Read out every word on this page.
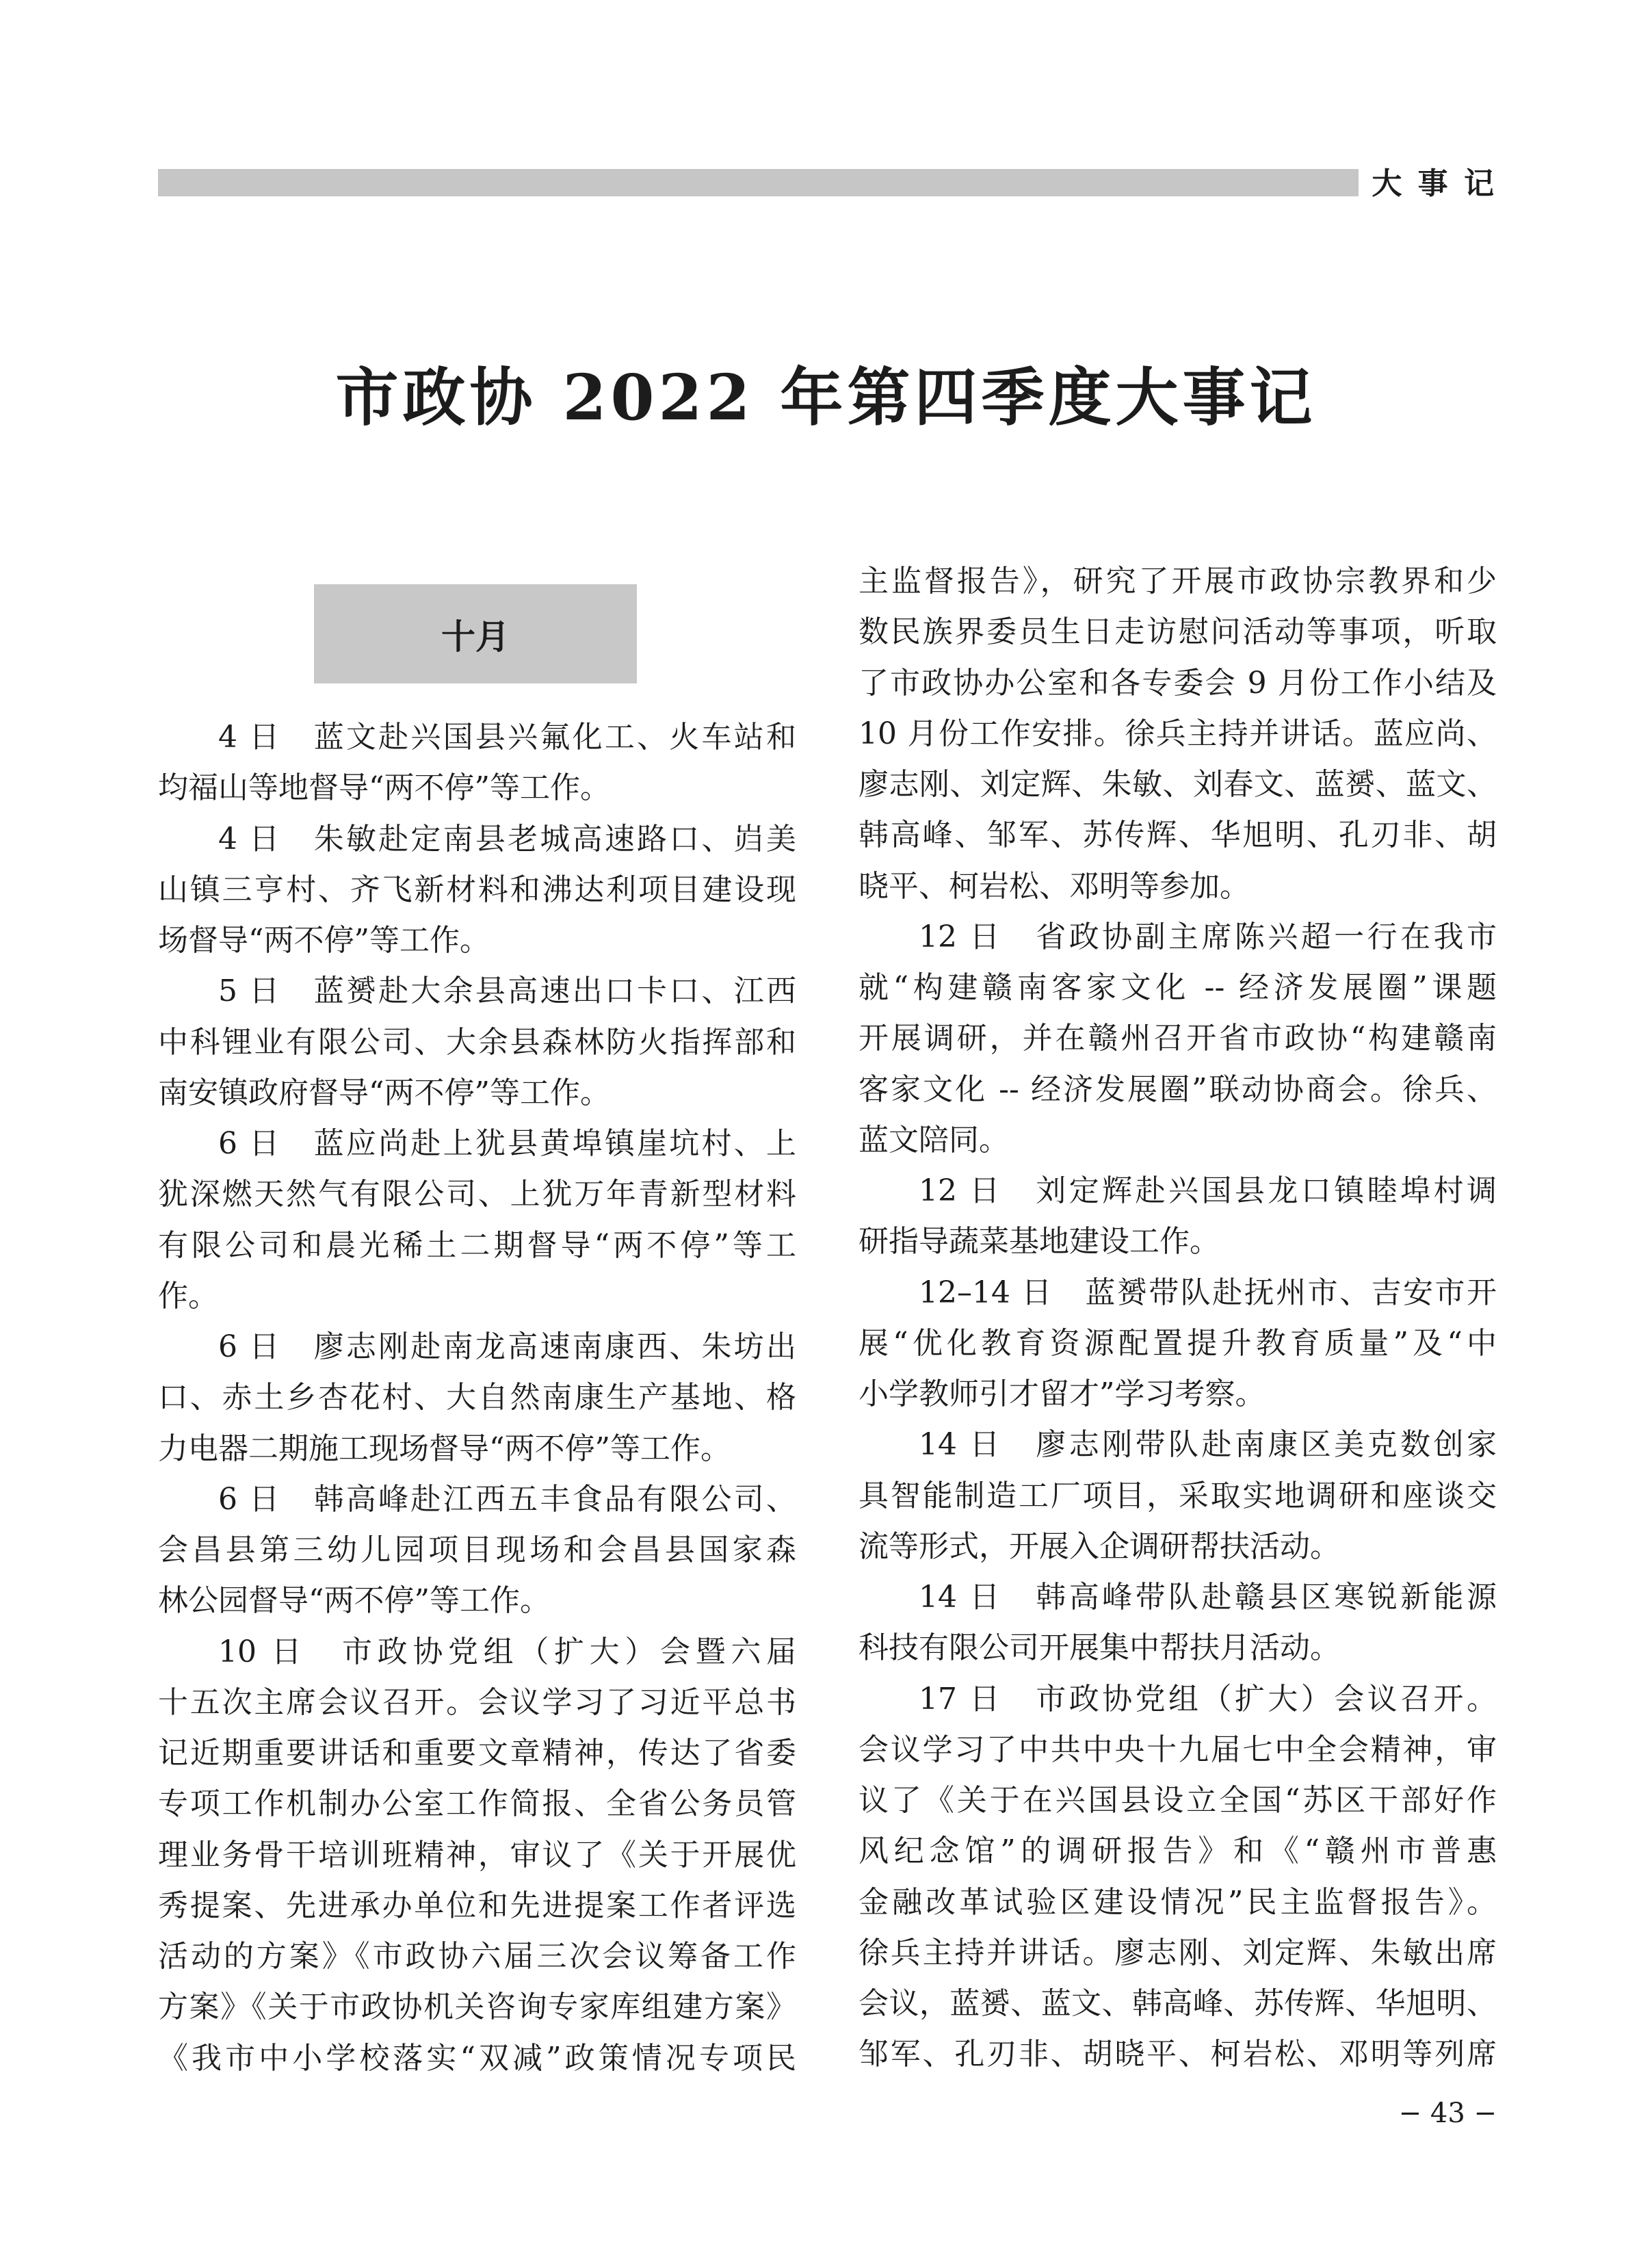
大 事 记
市政协 2022 年第四季度大事记
十月
4 日　蓝文赴兴国县兴氟化工、火车站和
均福山等地督导“两不停”等工作。
4 日　朱敏赴定南县老城高速路口、岿美
山镇三亨村、齐飞新材料和沸达利项目建设现
场督导“两不停”等工作。
5 日　蓝赟赴大余县高速出口卡口、江西
中科锂业有限公司、大余县森林防火指挥部和
南安镇政府督导“两不停”等工作。
6 日　蓝应尚赴上犹县黄埠镇崖坑村、上
犹深燃天然气有限公司、上犹万年青新型材料
有限公司和晨光稀土二期督导“两不停”等工
作。
6 日　廖志刚赴南龙高速南康西、朱坊出
口、赤土乡杏花村、大自然南康生产基地、格
力电器二期施工现场督导“两不停”等工作。
6 日　韩高峰赴江西五丰食品有限公司、
会昌县第三幼儿园项目现场和会昌县国家森
林公园督导“两不停”等工作。
10 日　市政协党组（扩大）会暨六届
十五次主席会议召开。会议学习了习近平总书
记近期重要讲话和重要文章精神，传达了省委
专项工作机制办公室工作简报、全省公务员管
理业务骨干培训班精神，审议了《关于开展优
秀提案、先进承办单位和先进提案工作者评选
活动的方案》《市政协六届三次会议筹备工作
方案》《关于市政协机关咨询专家库组建方案》
《我市中小学校落实“双减”政策情况专项民
主监督报告》，研究了开展市政协宗教界和少
数民族界委员生日走访慰问活动等事项，听取
了市政协办公室和各专委会 9 月份工作小结及
10 月份工作安排。徐兵主持并讲话。蓝应尚、
廖志刚、刘定辉、朱敏、刘春文、蓝赟、蓝文、
韩高峰、邹军、苏传辉、华旭明、孔刃非、胡
晓平、柯岩松、邓明等参加。
12 日　省政协副主席陈兴超一行在我市
就“构建赣南客家文化 -- 经济发展圈”课题
开展调研，并在赣州召开省市政协“构建赣南
客家文化 -- 经济发展圈”联动协商会。徐兵、
蓝文陪同。
12 日　刘定辉赴兴国县龙口镇睦埠村调
研指导蔬菜基地建设工作。
12–14 日　蓝赟带队赴抚州市、吉安市开
展“优化教育资源配置提升教育质量”及“中
小学教师引才留才”学习考察。
14 日　廖志刚带队赴南康区美克数创家
具智能制造工厂项目，采取实地调研和座谈交
流等形式，开展入企调研帮扶活动。
14 日　韩高峰带队赴赣县区寒锐新能源
科技有限公司开展集中帮扶月活动。
17 日　市政协党组（扩大）会议召开。
会议学习了中共中央十九届七中全会精神，审
议了《关于在兴国县设立全国“苏区干部好作
风纪念馆”的调研报告》和《“赣州市普惠
金融改革试验区建设情况”民主监督报告》。
徐兵主持并讲话。廖志刚、刘定辉、朱敏出席
会议，蓝赟、蓝文、韩高峰、苏传辉、华旭明、
邹军、孔刃非、胡晓平、柯岩松、邓明等列席
− 43 −
